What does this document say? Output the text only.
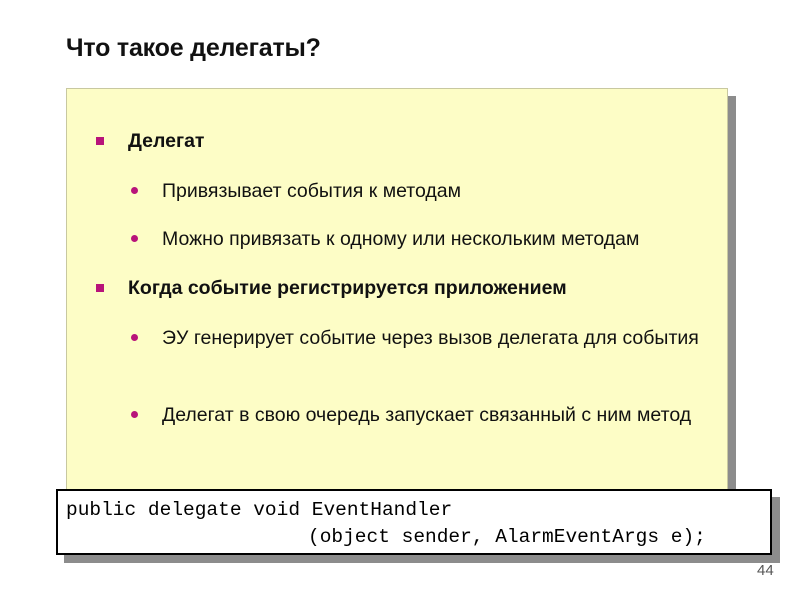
Что такое делегаты?
Делегат
Привязывает события к методам
Можно привязать к одному или нескольким методам
Когда событие регистрируется приложением
ЭУ генерирует событие через вызов делегата для события
Делегат в свою очередь запускает связанный с ним метод
public delegate void EventHandler
(object sender, AlarmEventArgs e);
44
